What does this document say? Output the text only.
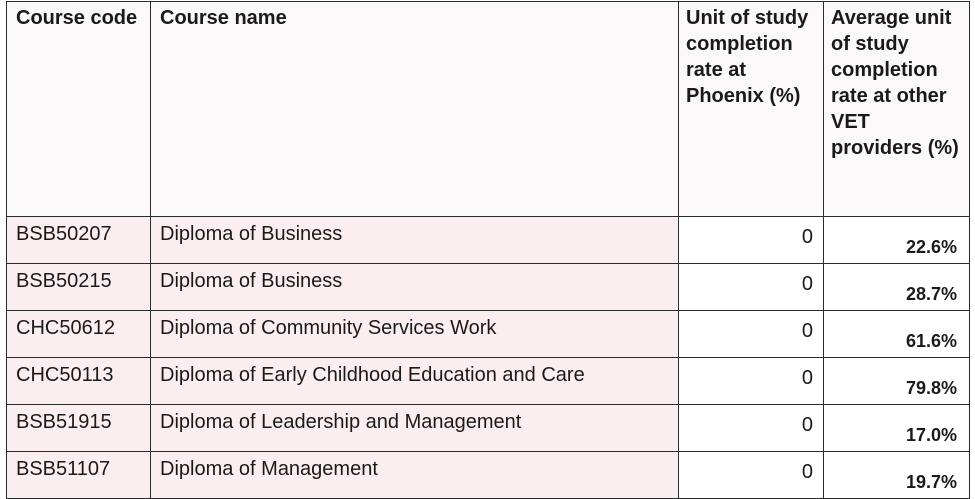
Course code	Course name	Unit of study completion rate at Phoenix (%)	Average unit of study completion rate at other VET providers (%)
BSB50207	Diploma of Business	0	22.6%
BSB50215	Diploma of Business	0	28.7%
CHC50612	Diploma of Community Services Work	0	61.6%
CHC50113	Diploma of Early Childhood Education and Care	0	79.8%
BSB51915	Diploma of Leadership and Management	0	17.0%
BSB51107	Diploma of Management	0	19.7%
